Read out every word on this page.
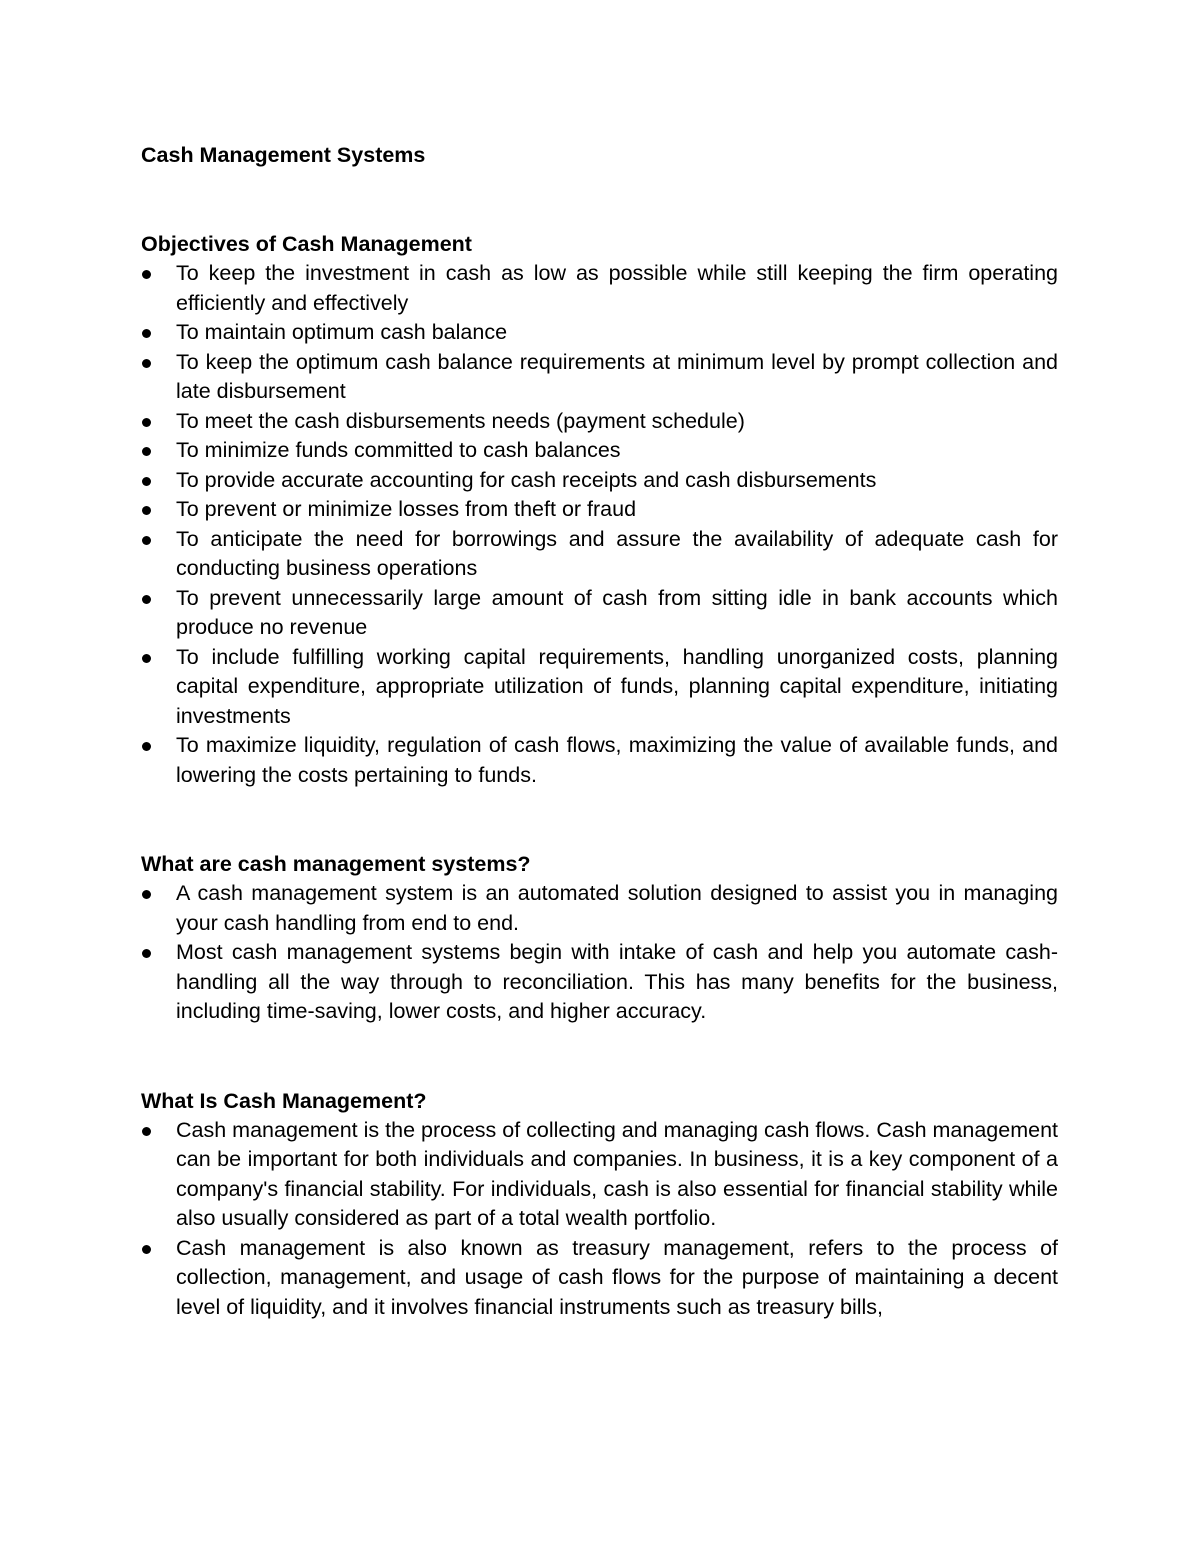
Cash Management Systems
Objectives of Cash Management
To keep the investment in cash as low as possible while still keeping the firm operating efficiently and effectively
To maintain optimum cash balance
To keep the optimum cash balance requirements at minimum level by prompt collection and late disbursement
To meet the cash disbursements needs (payment schedule)
To minimize funds committed to cash balances
To provide accurate accounting for cash receipts and cash disbursements
To prevent or minimize losses from theft or fraud
To anticipate the need for borrowings and assure the availability of adequate cash for conducting business operations
To prevent unnecessarily large amount of cash from sitting idle in bank accounts which produce no revenue
To include fulfilling working capital requirements, handling unorganized costs, planning capital expenditure, appropriate utilization of funds, planning capital expenditure, initiating investments
To maximize liquidity, regulation of cash flows, maximizing the value of available funds, and lowering the costs pertaining to funds.
What are cash management systems?
A cash management system is an automated solution designed to assist you in managing your cash handling from end to end.
Most cash management systems begin with intake of cash and help you automate cash-handling all the way through to reconciliation. This has many benefits for the business, including time-saving, lower costs, and higher accuracy.
What Is Cash Management?
Cash management is the process of collecting and managing cash flows. Cash management can be important for both individuals and companies. In business, it is a key component of a company's financial stability. For individuals, cash is also essential for financial stability while also usually considered as part of a total wealth portfolio.
Cash management is also known as treasury management, refers to the process of collection, management, and usage of cash flows for the purpose of maintaining a decent level of liquidity, and it involves financial instruments such as treasury bills,
